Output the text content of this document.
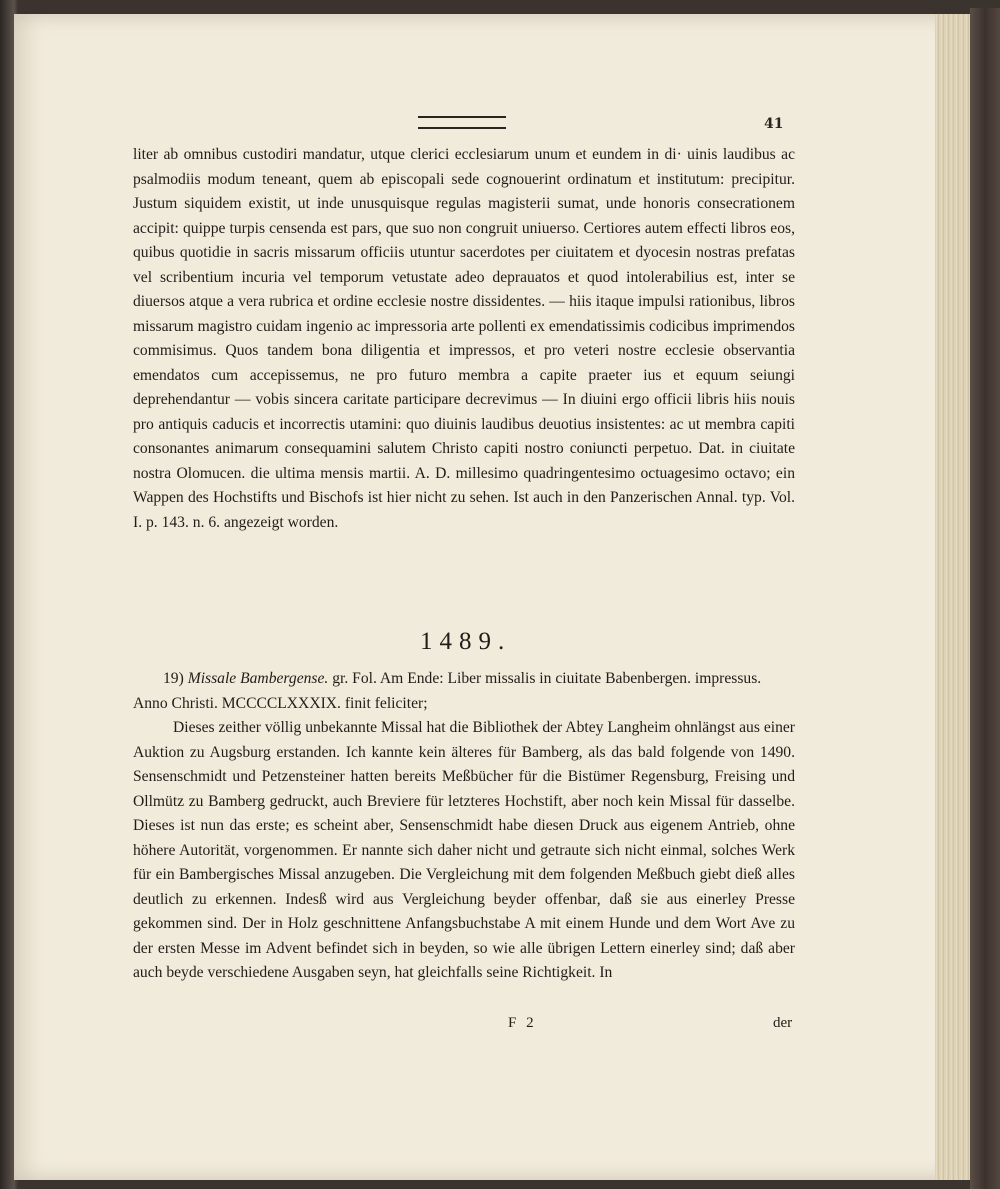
41

liter ab omnibus custodiri mandatur, utque clerici ecclesiarum unum et eundem in di· uinis laudibus ac psalmodiis modum teneant, quem ab episcopali sede cognouerint ordinatum et institutum: precipitur. Justum siquidem existit, ut inde unusquisque regulas magisterii sumat, unde honoris consecrationem accipit: quippe turpis censenda est pars, que suo non congruit uniuerso. Certiores autem effecti libros eos, quibus quotidie in sacris missarum officiis utuntur sacerdotes per ciuitatem et dyocesin nostras prefatas vel scribentium incuria vel temporum vetustate adeo deprauatos et quod intolerabilius est, inter se diuersos atque a vera rubrica et ordine ecclesie nostre dissidentes. — hiis itaque impulsi rationibus, libros missarum magistro cuidam ingenio ac impressoria arte pollenti ex emendatissimis codicibus imprimendos commisimus. Quos tandem bona diligentia et impressos, et pro veteri nostre ecclesie observantia emendatos cum accepissemus, ne pro futuro membra a capite praeter ius et equum seiungi deprehendantur — vobis sincera caritate participare decrevimus — In diuini ergo officii libris hiis nouis pro antiquis caducis et incorrectis utamini: quo diuinis laudibus deuotius insistentes: ac ut membra capiti consonantes animarum consequamini salutem Christo capiti nostro coniuncti perpetuo. Dat. in ciuitate nostra Olomucen. die ultima mensis martii. A. D. millesimo quadringentesimo octuagesimo octavo; ein Wappen des Hochstifts und Bischofs ist hier nicht zu sehen. Ist auch in den Panzerischen Annal. typ. Vol. I. p. 143. n. 6. angezeigt worden.

1489.

19) Missale Bambergense. gr. Fol. Am Ende: Liber missalis in ciuitate Babenbergen. impressus. Anno Christi. MCCCCLXXXIX. finit feliciter;

Dieses zeither völlig unbekannte Missal hat die Bibliothek der Abtey Langheim ohnlängst aus einer Auktion zu Augsburg erstanden. Ich kannte kein älteres für Bamberg, als das bald folgende von 1490. Sensenschmidt und Petzensteiner hatten bereits Meßbücher für die Bistümer Regensburg, Freising und Ollmütz zu Bamberg gedruckt, auch Breviere für letzteres Hochstift, aber noch kein Missal für dasselbe. Dieses ist nun das erste; es scheint aber, Sensenschmidt habe diesen Druck aus eigenem Antrieb, ohne höhere Autorität, vorgenommen. Er nannte sich daher nicht und getraute sich nicht einmal, solches Werk für ein Bambergisches Missal anzugeben. Die Vergleichung mit dem folgenden Meßbuch giebt dieß alles deutlich zu erkennen. Indesß wird aus Vergleichung beyder offenbar, daß sie aus einerley Presse gekommen sind. Der in Holz geschnittene Anfangsbuchstabe A mit einem Hunde und dem Wort Ave zu der ersten Messe im Advent befindet sich in beyden, so wie alle übrigen Lettern einerley sind; daß aber auch beyde verschiedene Ausgaben seyn, hat gleichfalls seine Richtigkeit. In

F 2	der
